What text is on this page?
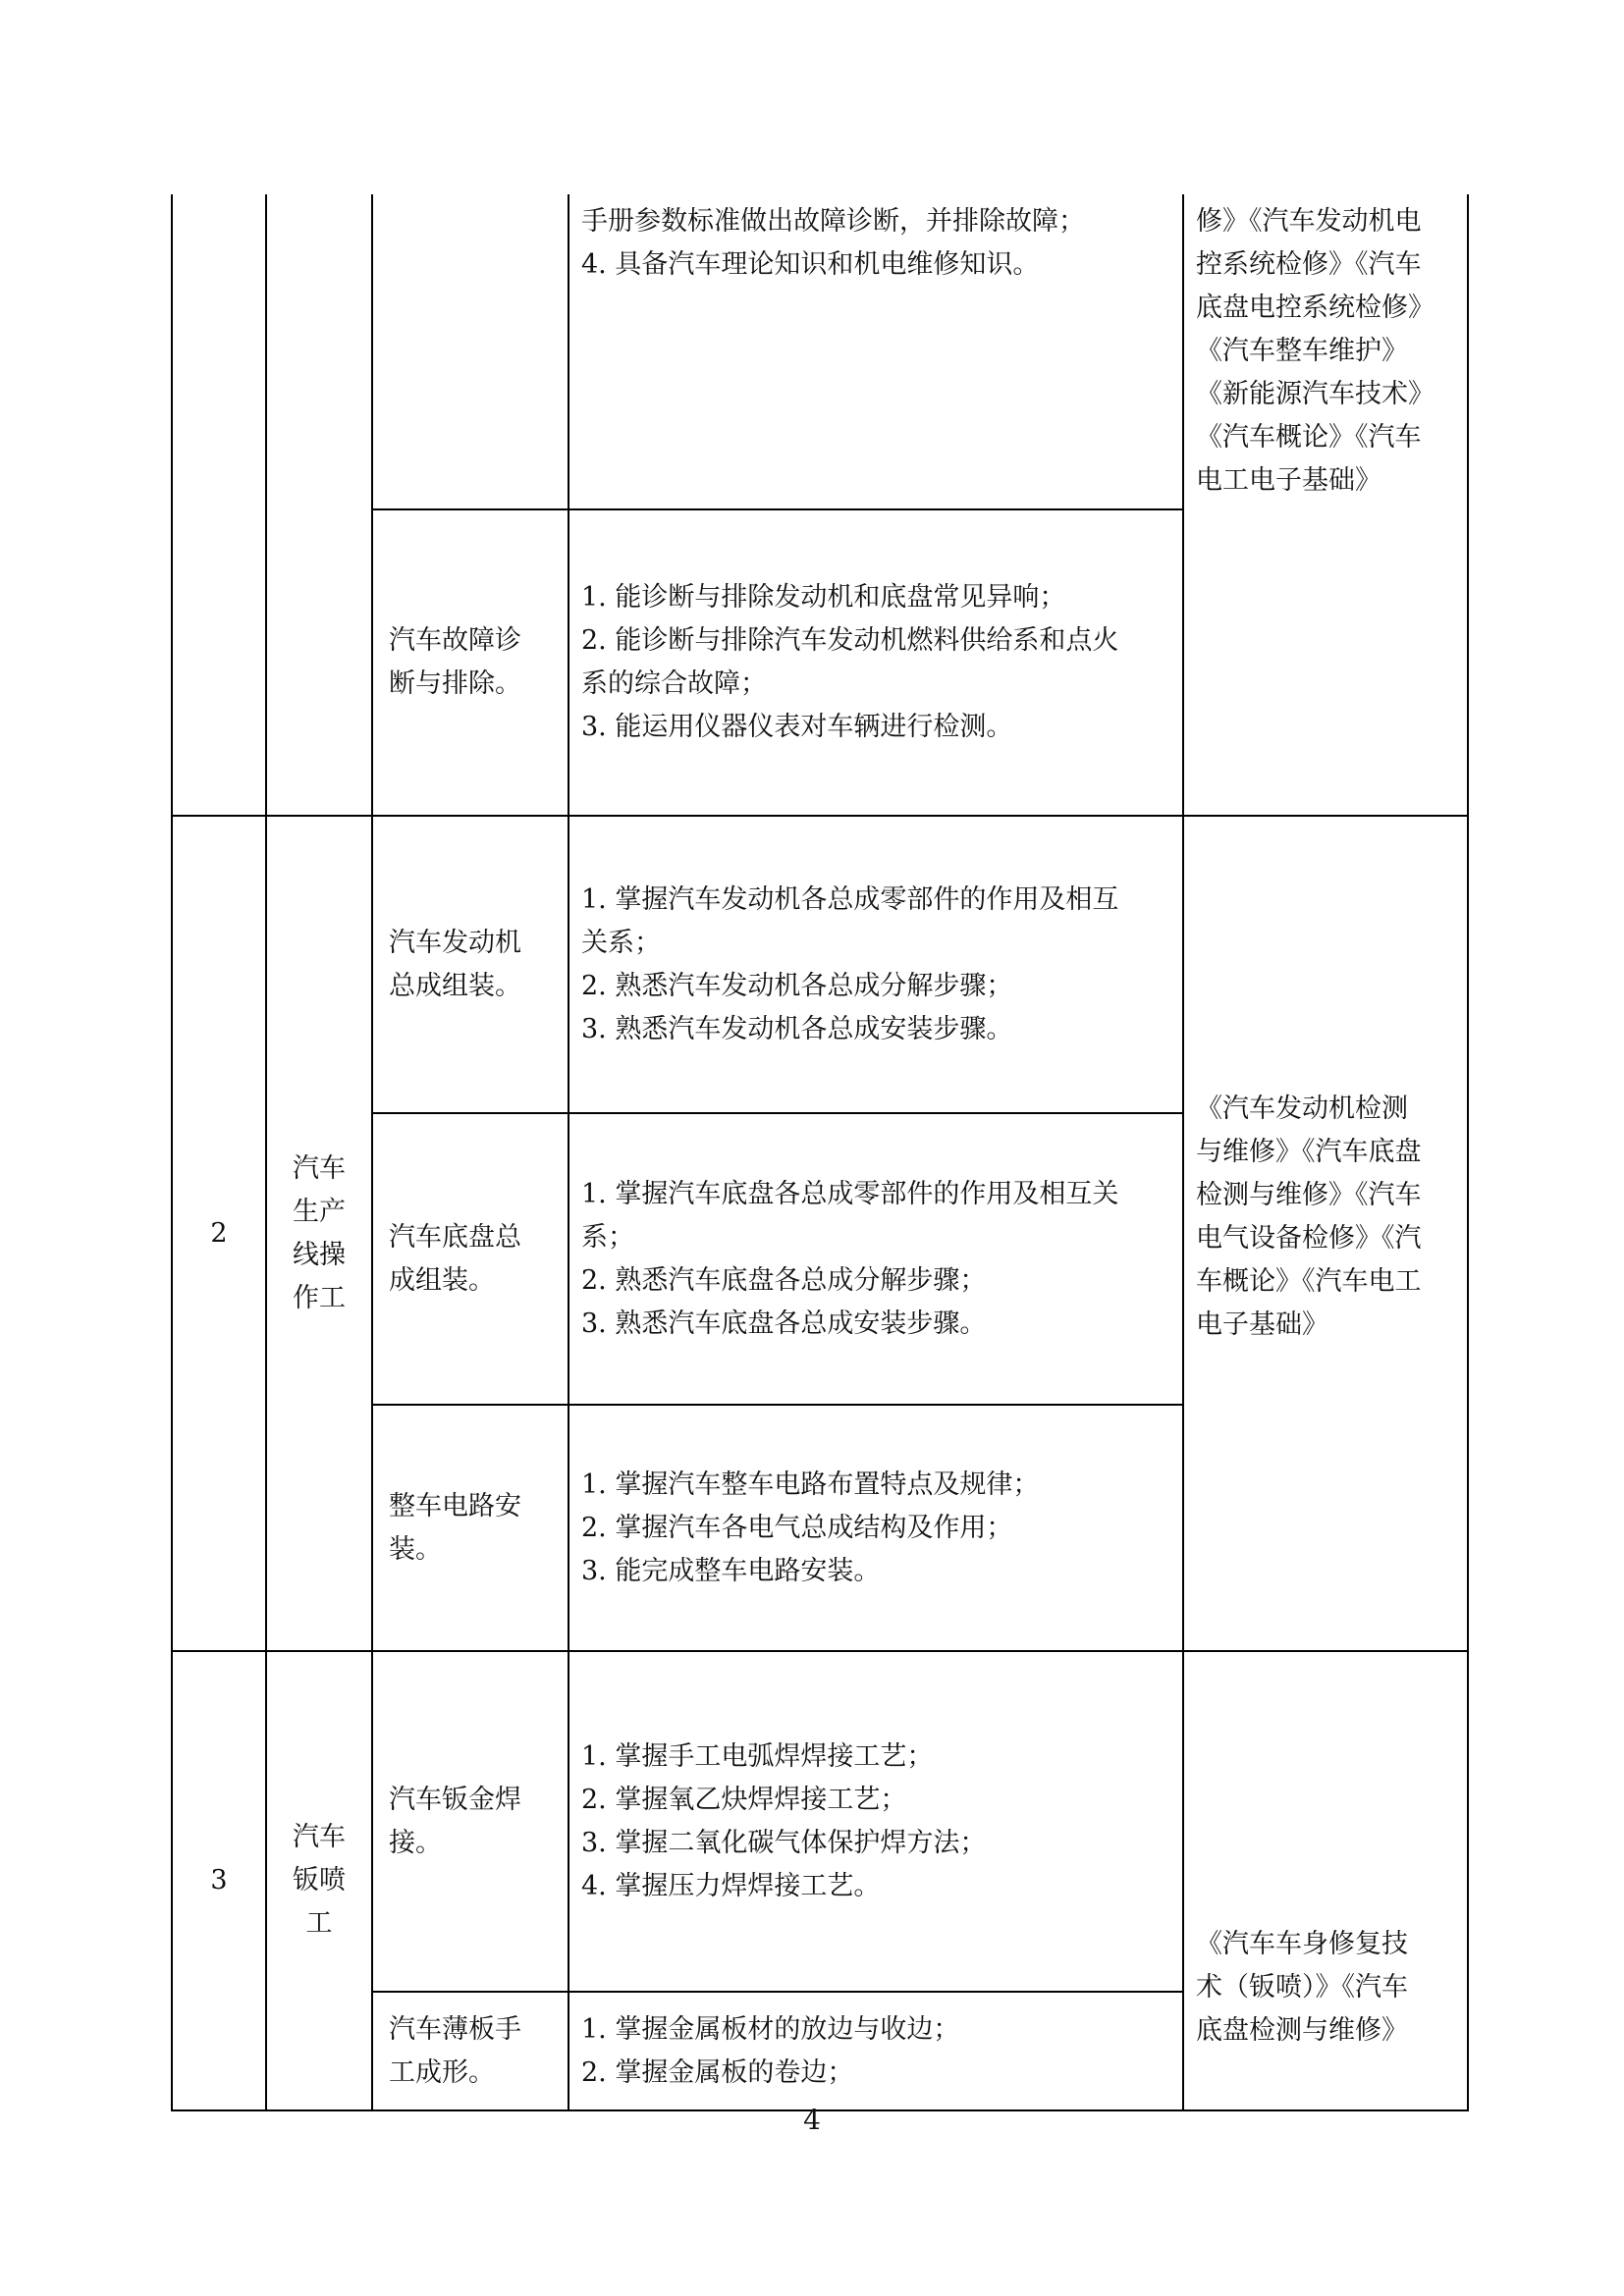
手册参数标准做出故障诊断，并排除故障；
4. 具备汽车理论知识和机电维修知识。
汽车故障诊
断与排除。
1. 能诊断与排除发动机和底盘常见异响；
2. 能诊断与排除汽车发动机燃料供给系和点火
系的综合故障；
3. 能运用仪器仪表对车辆进行检测。
修》《汽车发动机电
控系统检修》《汽车
底盘电控系统检修》
《汽车整车维护》
《新能源汽车技术》
《汽车概论》《汽车
电工电子基础》
2
汽车
生产
线操
作工
汽车发动机
总成组装。
1. 掌握汽车发动机各总成零部件的作用及相互
关系；
2. 熟悉汽车发动机各总成分解步骤；
3. 熟悉汽车发动机各总成安装步骤。
汽车底盘总
成组装。
1. 掌握汽车底盘各总成零部件的作用及相互关
系；
2. 熟悉汽车底盘各总成分解步骤；
3. 熟悉汽车底盘各总成安装步骤。
整车电路安
装。
1. 掌握汽车整车电路布置特点及规律；
2. 掌握汽车各电气总成结构及作用；
3. 能完成整车电路安装。
《汽车发动机检测
与维修》《汽车底盘
检测与维修》《汽车
电气设备检修》《汽
车概论》《汽车电工
电子基础》
3
汽车
钣喷
工
汽车钣金焊
接。
1. 掌握手工电弧焊焊接工艺；
2. 掌握氧乙炔焊焊接工艺；
3. 掌握二氧化碳气体保护焊方法；
4. 掌握压力焊焊接工艺。
汽车薄板手
工成形。
1. 掌握金属板材的放边与收边；
2. 掌握金属板的卷边；
《汽车车身修复技
术（钣喷）》《汽车
底盘检测与维修》
4
